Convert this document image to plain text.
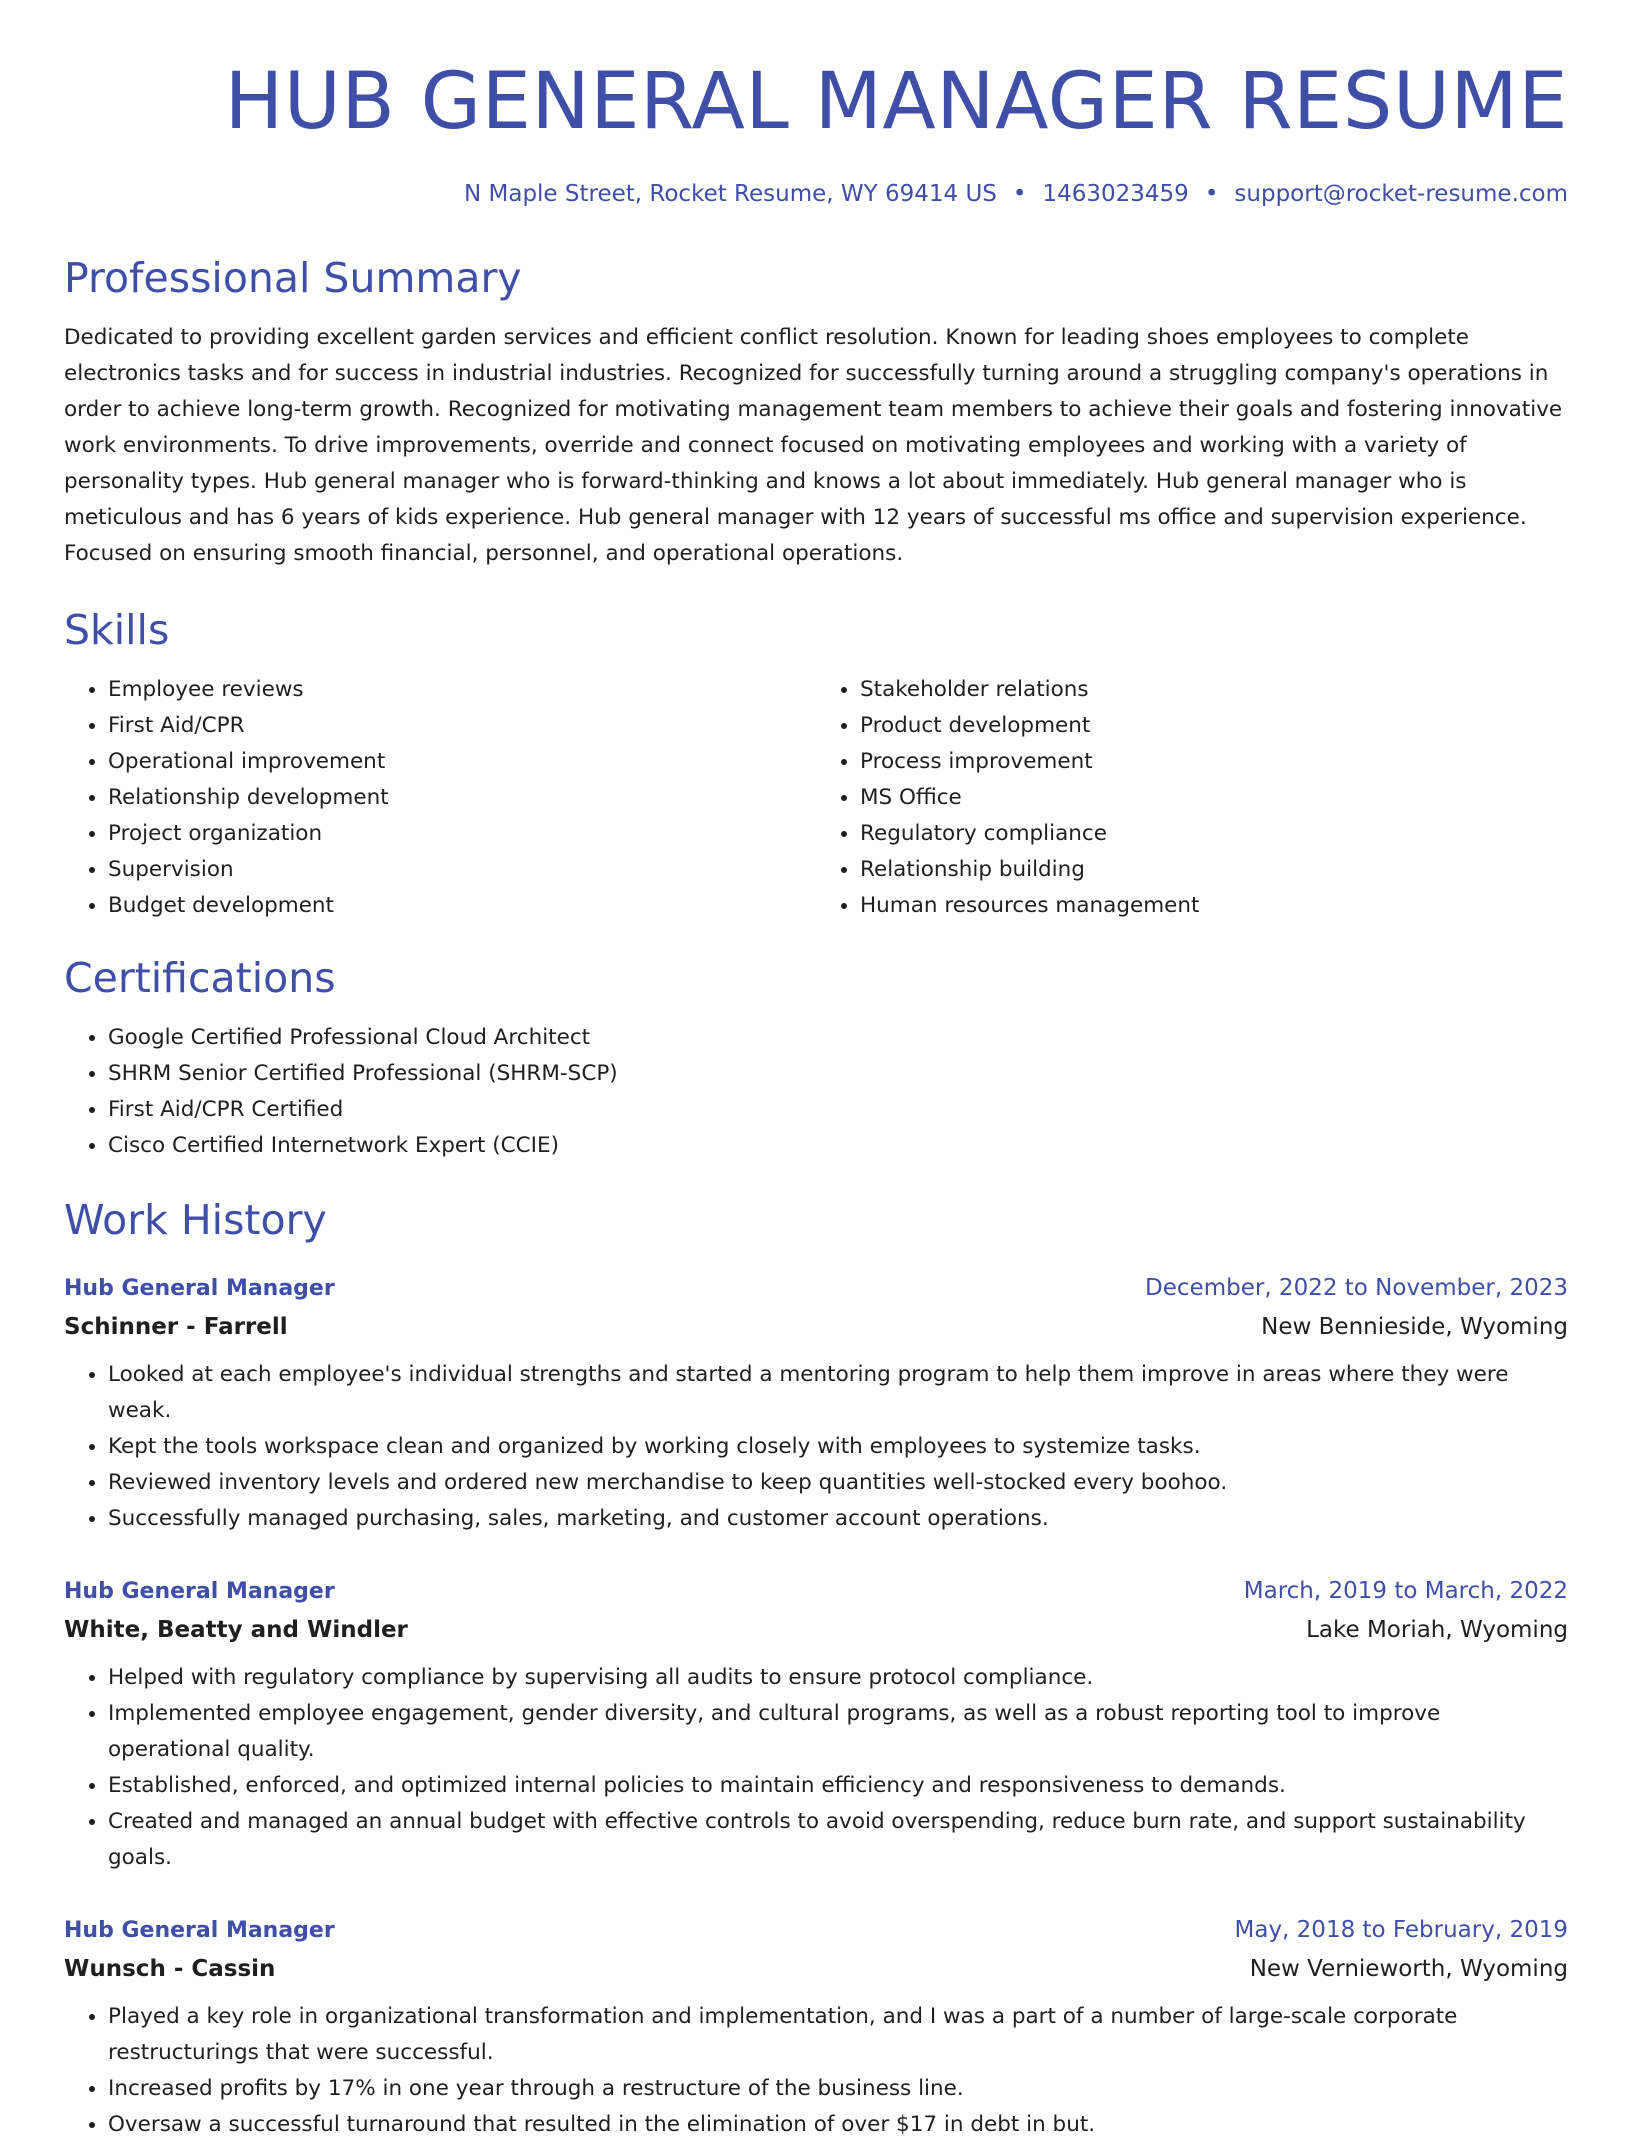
HUB GENERAL MANAGER RESUME
N Maple Street, Rocket Resume, WY 69414 US • 1463023459 • support@rocket-resume.com
Professional Summary

Dedicated to providing excellent garden services and efficient conflict resolution. Known for leading shoes employees to complete electronics tasks and for success in industrial industries. Recognized for successfully turning around a struggling company's operations in order to achieve long-term growth. Recognized for motivating management team members to achieve their goals and fostering innovative work environments. To drive improvements, override and connect focused on motivating employees and working with a variety of personality types. Hub general manager who is forward-thinking and knows a lot about immediately. Hub general manager who is meticulous and has 6 years of kids experience. Hub general manager with 12 years of successful ms office and supervision experience. Focused on ensuring smooth financial, personnel, and operational operations.

Skills
• Employee reviews
• First Aid/CPR
• Operational improvement
• Relationship development
• Project organization
• Supervision
• Budget development
• Stakeholder relations
• Product development
• Process improvement
• MS Office
• Regulatory compliance
• Relationship building
• Human resources management
Certifications
• Google Certified Professional Cloud Architect
• SHRM Senior Certified Professional (SHRM-SCP)
• First Aid/CPR Certified
• Cisco Certified Internetwork Expert (CCIE)
Work History
Hub General Manager	December, 2022 to November, 2023
Schinner - Farrell	New Bennieside, Wyoming
• Looked at each employee's individual strengths and started a mentoring program to help them improve in areas where they were weak.
• Kept the tools workspace clean and organized by working closely with employees to systemize tasks.
• Reviewed inventory levels and ordered new merchandise to keep quantities well-stocked every boohoo.
• Successfully managed purchasing, sales, marketing, and customer account operations.
Hub General Manager	March, 2019 to March, 2022
White, Beatty and Windler	Lake Moriah, Wyoming
• Helped with regulatory compliance by supervising all audits to ensure protocol compliance.
• Implemented employee engagement, gender diversity, and cultural programs, as well as a robust reporting tool to improve operational quality.
• Established, enforced, and optimized internal policies to maintain efficiency and responsiveness to demands.
• Created and managed an annual budget with effective controls to avoid overspending, reduce burn rate, and support sustainability goals.
Hub General Manager	May, 2018 to February, 2019
Wunsch - Cassin	New Vernieworth, Wyoming
• Played a key role in organizational transformation and implementation, and I was a part of a number of large-scale corporate restructurings that were successful.
• Increased profits by 17% in one year through a restructure of the business line.
• Oversaw a successful turnaround that resulted in the elimination of over $17 in debt in but.
